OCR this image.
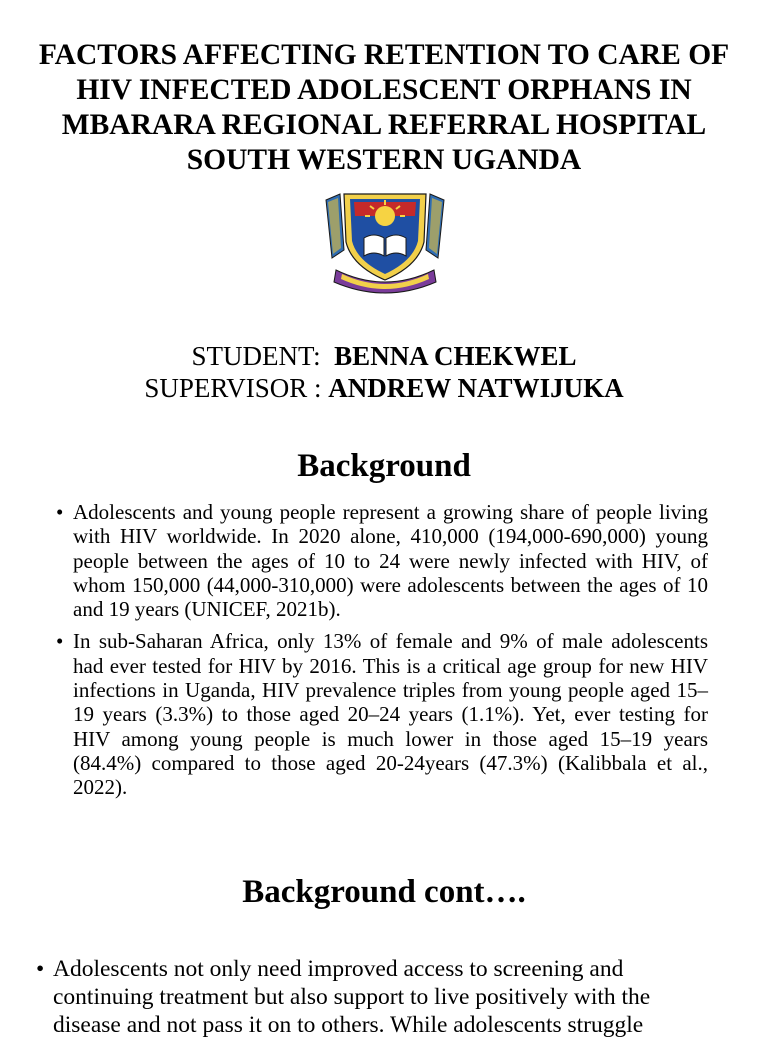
FACTORS AFFECTING RETENTION TO CARE OF HIV INFECTED ADOLESCENT ORPHANS IN MBARARA REGIONAL REFERRAL HOSPITAL SOUTH WESTERN UGANDA
STUDENT: BENNA CHEKWEL
SUPERVISOR : ANDREW NATWIJUKA
Background
• Adolescents and young people represent a growing share of people living with HIV worldwide. In 2020 alone, 410,000 (194,000-690,000) young people between the ages of 10 to 24 were newly infected with HIV, of whom 150,000 (44,000-310,000) were adolescents between the ages of 10 and 19 years (UNICEF, 2021b).
• In sub-Saharan Africa, only 13% of female and 9% of male adolescents had ever tested for HIV by 2016. This is a critical age group for new HIV infections in Uganda, HIV prevalence triples from young people aged 15–19 years (3.3%) to those aged 20–24 years (1.1%). Yet, ever testing for HIV among young people is much lower in those aged 15–19 years (84.4%) compared to those aged 20-24years (47.3%) (Kalibbala et al., 2022).
Background cont….
• Adolescents not only need improved access to screening and continuing treatment but also support to live positively with the disease and not pass it on to others. While adolescents struggle
